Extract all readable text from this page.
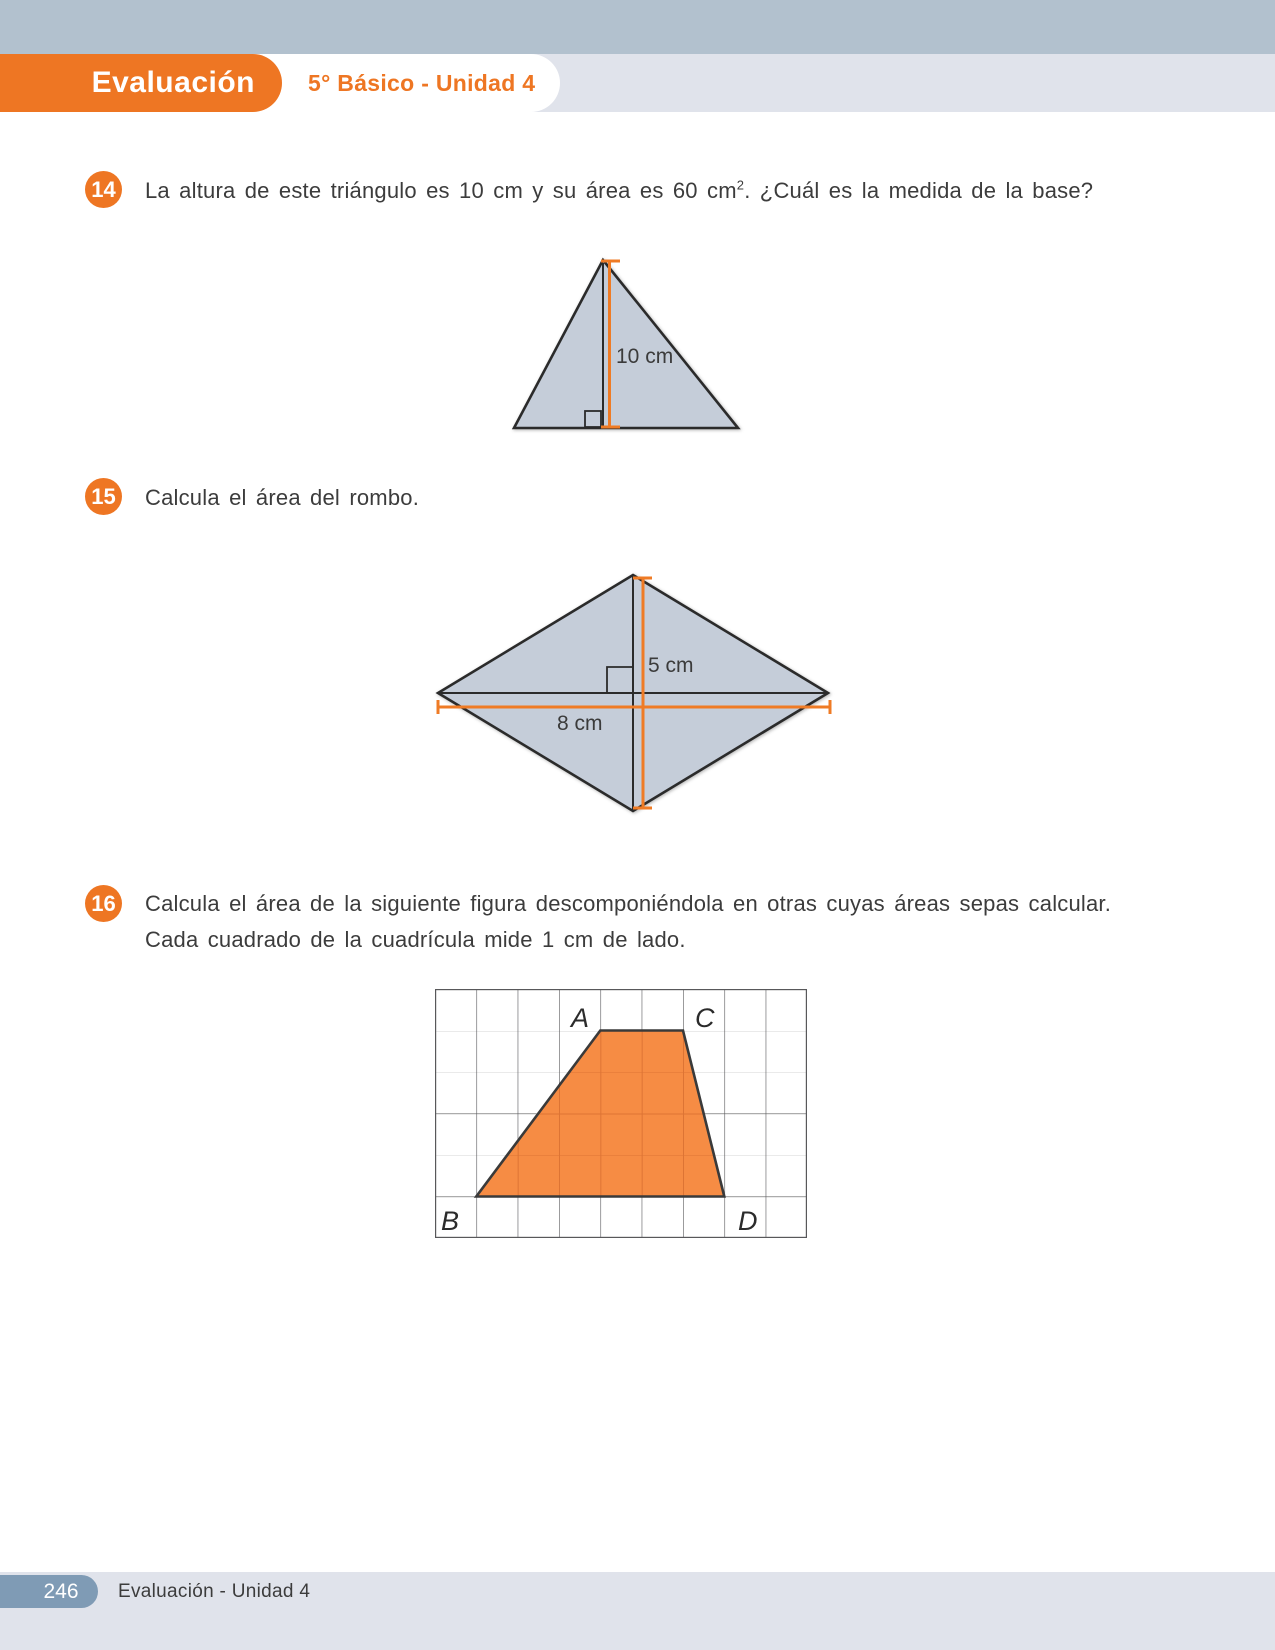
Evaluación 5° Básico - Unidad 4
14 La altura de este triángulo es 10 cm y su área es 60 $cm^2$. ¿Cuál es la medida de la base?

10 cm
15 Calcula el área del rombo.

5 cm
8 cm
16 Calcula el área de la siguiente figura descomponiéndola en otras cuyas áreas sepas calcular.
Cada cuadrado de la cuadrícula mide 1 cm de lado.

A	C
B	D
246 Evaluación - Unidad 4
